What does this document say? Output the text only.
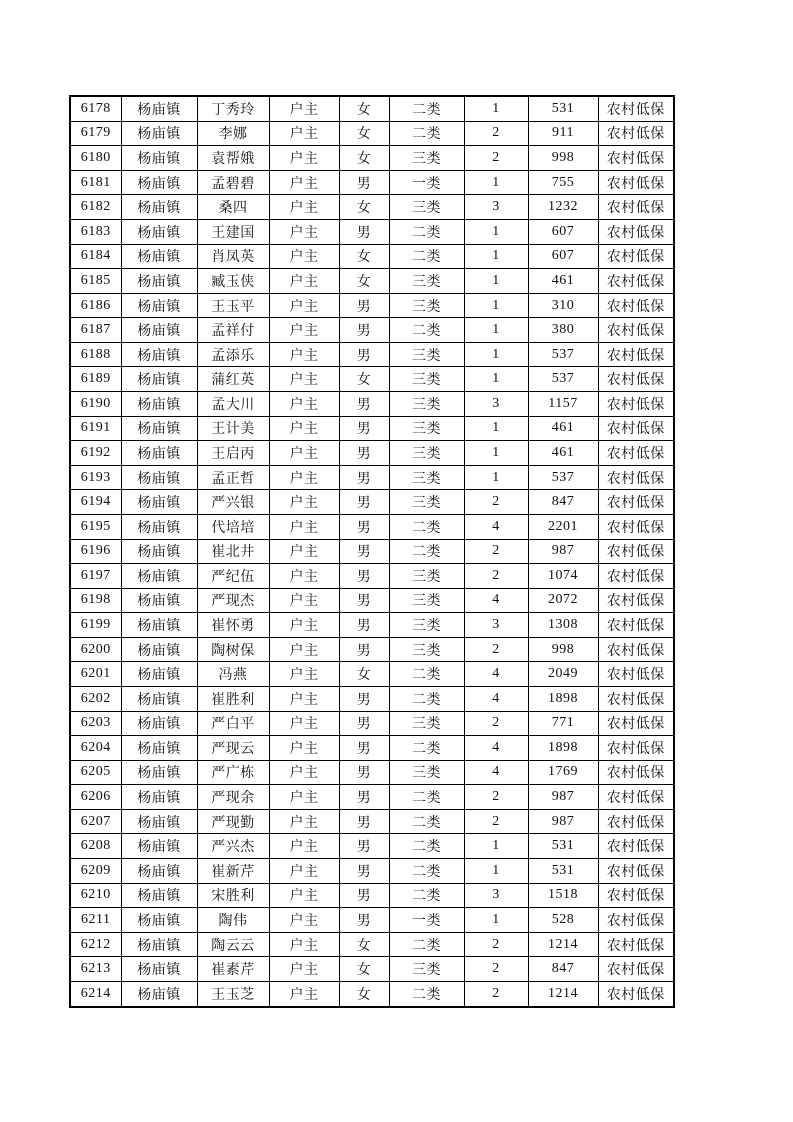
6178	杨庙镇	丁秀玲	户主	女	二类	1	531	农村低保
6179	杨庙镇	李娜	户主	女	二类	2	911	农村低保
6180	杨庙镇	袁帮娥	户主	女	三类	2	998	农村低保
6181	杨庙镇	孟碧碧	户主	男	一类	1	755	农村低保
6182	杨庙镇	桑四	户主	女	三类	3	1232	农村低保
6183	杨庙镇	王建国	户主	男	二类	1	607	农村低保
6184	杨庙镇	肖凤英	户主	女	二类	1	607	农村低保
6185	杨庙镇	臧玉侠	户主	女	三类	1	461	农村低保
6186	杨庙镇	王玉平	户主	男	三类	1	310	农村低保
6187	杨庙镇	孟祥付	户主	男	二类	1	380	农村低保
6188	杨庙镇	孟添乐	户主	男	三类	1	537	农村低保
6189	杨庙镇	蒲红英	户主	女	三类	1	537	农村低保
6190	杨庙镇	孟大川	户主	男	三类	3	1157	农村低保
6191	杨庙镇	王计美	户主	男	三类	1	461	农村低保
6192	杨庙镇	王启丙	户主	男	三类	1	461	农村低保
6193	杨庙镇	孟正哲	户主	男	三类	1	537	农村低保
6194	杨庙镇	严兴银	户主	男	三类	2	847	农村低保
6195	杨庙镇	代培培	户主	男	二类	4	2201	农村低保
6196	杨庙镇	崔北井	户主	男	二类	2	987	农村低保
6197	杨庙镇	严纪伍	户主	男	三类	2	1074	农村低保
6198	杨庙镇	严现杰	户主	男	三类	4	2072	农村低保
6199	杨庙镇	崔怀勇	户主	男	三类	3	1308	农村低保
6200	杨庙镇	陶树保	户主	男	三类	2	998	农村低保
6201	杨庙镇	冯燕	户主	女	二类	4	2049	农村低保
6202	杨庙镇	崔胜利	户主	男	二类	4	1898	农村低保
6203	杨庙镇	严白平	户主	男	三类	2	771	农村低保
6204	杨庙镇	严现云	户主	男	二类	4	1898	农村低保
6205	杨庙镇	严广栋	户主	男	三类	4	1769	农村低保
6206	杨庙镇	严现余	户主	男	二类	2	987	农村低保
6207	杨庙镇	严现勤	户主	男	二类	2	987	农村低保
6208	杨庙镇	严兴杰	户主	男	二类	1	531	农村低保
6209	杨庙镇	崔新芹	户主	男	二类	1	531	农村低保
6210	杨庙镇	宋胜利	户主	男	二类	3	1518	农村低保
6211	杨庙镇	陶伟	户主	男	一类	1	528	农村低保
6212	杨庙镇	陶云云	户主	女	二类	2	1214	农村低保
6213	杨庙镇	崔素芹	户主	女	三类	2	847	农村低保
6214	杨庙镇	王玉芝	户主	女	二类	2	1214	农村低保
